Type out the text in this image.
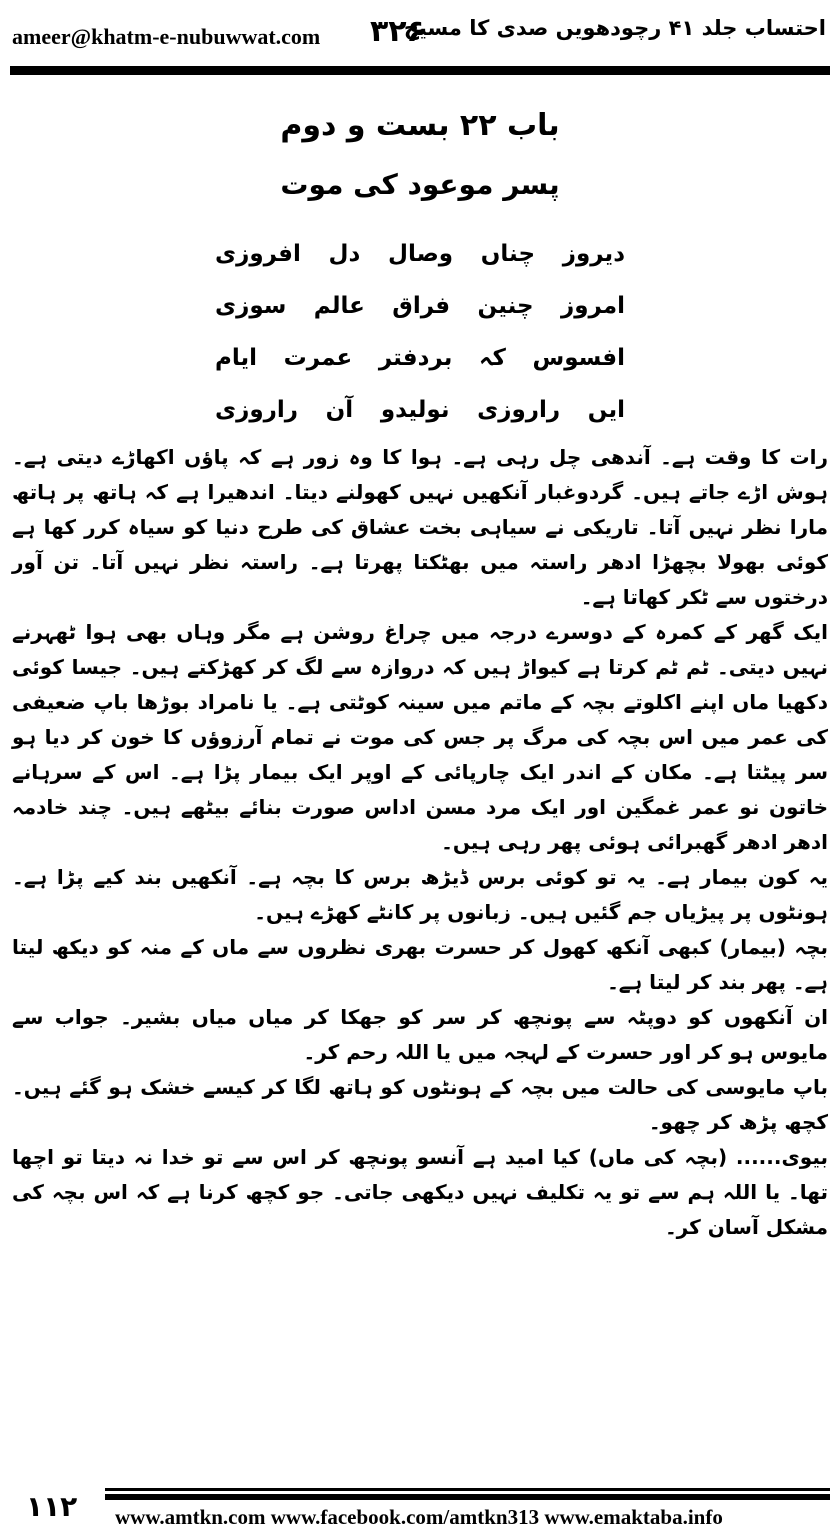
ameer@khatm-e-nubuwwat.com ۳۲۶
احتساب جلد ۴۱ رچودھویں صدی کا مسیح
باب ۲۲ بست و دوم
پسر موعود کی موت
دیروز چناں وصال دل افروزی
امروز چنین فراق عالم سوزی
افسوس کہ بردفتر عمرت ایام
ایں راروزی نولیدو آن راروزی

رات کا وقت ہے۔ آندھی چل رہی ہے۔ ہوا کا وہ زور ہے کہ پاؤں اکھاڑے دیتی ہے۔ ہوش اڑے جاتے ہیں۔ گردوغبار آنکھیں نہیں کھولنے دیتا۔ اندھیرا ہے کہ ہاتھ پر ہاتھ مارا نظر نہیں آتا۔ تاریکی نے سیاہی بخت عشاق کی طرح دنیا کو سیاہ کرر کھا ہے کوئی بھولا بچھڑا ادھر راستہ میں بھٹکتا پھرتا ہے۔ راستہ نظر نہیں آتا۔ تن آور درختوں سے ٹکر کھاتا ہے۔

ایک گھر کے کمرہ کے دوسرے درجہ میں چراغ روشن ہے مگر وہاں بھی ہوا ٹھہرنے نہیں دیتی۔ ٹم ٹم کرتا ہے کیواڑ ہیں کہ دروازہ سے لگ کر کھڑکتے ہیں۔ جیسا کوئی دکھیا ماں اپنے اکلوتے بچہ کے ماتم میں سینہ کوٹتی ہے۔ یا نامراد بوڑھا باپ ضعیفی کی عمر میں اس بچہ کی مرگ پر جس کی موت نے تمام آرزوؤں کا خون کر دیا ہو سر پیٹتا ہے۔ مکان کے اندر ایک چارپائی کے اوپر ایک بیمار پڑا ہے۔ اس کے سرہانے خاتون نو عمر غمگین اور ایک مرد مسن اداس صورت بنائے بیٹھے ہیں۔ چند خادمہ ادھر ادھر گھبرائی ہوئی پھر رہی ہیں۔

یہ کون بیمار ہے۔ یہ تو کوئی برس ڈیڑھ برس کا بچہ ہے۔ آنکھیں بند کیے پڑا ہے۔ ہونٹوں پر پیڑیاں جم گئیں ہیں۔ زبانوں پر کانٹے کھڑے ہیں۔

بچہ (بیمار) کبھی آنکھ کھول کر حسرت بھری نظروں سے ماں کے منہ کو دیکھ لیتا ہے۔ پھر بند کر لیتا ہے۔

ان آنکھوں کو دوپٹہ سے پونچھ کر سر کو جھکا کر میاں میاں بشیر۔ جواب سے مایوس ہو کر اور حسرت کے لہجہ میں یا اللہ رحم کر۔

باپ مایوسی کی حالت میں بچہ کے ہونٹوں کو ہاتھ لگا کر کیسے خشک ہو گئے ہیں۔ کچھ پڑھ کر چھو۔

بیوی...... (بچہ کی ماں) کیا امید ہے آنسو پونچھ کر اس سے تو خدا نہ دیتا تو اچھا تھا۔ یا اللہ ہم سے تو یہ تکلیف نہیں دیکھی جاتی۔ جو کچھ کرنا ہے کہ اس بچہ کی مشکل آسان کر۔

۱۱۲ www.amtkn.com www.facebook.com/amtkn313 www.emaktaba.info
